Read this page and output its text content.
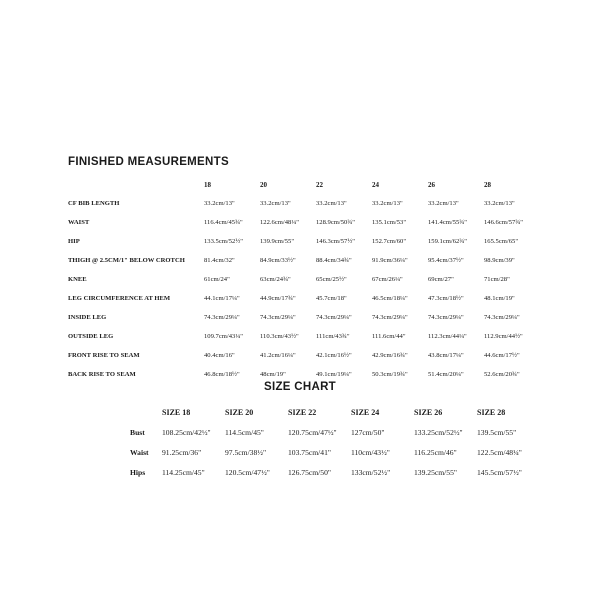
FINISHED MEASUREMENTS
	18	20	22	24	26	28
CF BIB LENGTH	33.2cm/13"	33.2cm/13"	33.2cm/13"	33.2cm/13"	33.2cm/13"	33.2cm/13"
WAIST	116.4cm/45¾"	122.6cm/48¼"	128.9cm/50¾"	135.1cm/53"	141.4cm/55¾"	146.6cm/57¾"
HIP	133.5cm/52½"	139.9cm/55"	146.3cm/57½"	152.7cm/60"	159.1cm/62¾"	165.5cm/65"
THIGH @ 2.5CM/1" BELOW CROTCH	81.4cm/32"	84.9cm/33½"	88.4cm/34¾"	91.9cm/36¼"	95.4cm/37½"	98.9cm/39"
KNEE	61cm/24"	63cm/24¾"	65cm/25½"	67cm/26¼"	69cm/27"	71cm/28"
LEG CIRCUMFERENCE AT HEM	44.1cm/17¼"	44.9cm/17¾"	45.7cm/18"	46.5cm/18¼"	47.3cm/18½"	48.1cm/19"
INSIDE LEG	74.3cm/29¼"	74.3cm/29¼"	74.3cm/29¼"	74.3cm/29¼"	74.3cm/29¼"	74.3cm/29¼"
OUTSIDE LEG	109.7cm/43¼"	110.3cm/43½"	111cm/43¾"	111.6cm/44"	112.3cm/44¼"	112.9cm/44½"
FRONT RISE TO SEAM	40.4cm/16"	41.2cm/16¼"	42.1cm/16½"	42.9cm/16¾"	43.8cm/17¼"	44.6cm/17½"
BACK RISE TO SEAM	46.8cm/18½"	48cm/19"	49.1cm/19¼"	50.3cm/19¾"	51.4cm/20¼"	52.6cm/20¾"
SIZE CHART
	SIZE 18	SIZE 20	SIZE 22	SIZE 24	SIZE 26	SIZE 28
Bust	108.25cm/42½"	114.5cm/45"	120.75cm/47½"	127cm/50"	133.25cm/52½"	139.5cm/55"
Waist	91.25cm/36"	97.5cm/38½"	103.75cm/41"	110cm/43½"	116.25cm/46"	122.5cm/48¼"
Hips	114.25cm/45"	120.5cm/47½"	126.75cm/50"	133cm/52½"	139.25cm/55"	145.5cm/57½"
